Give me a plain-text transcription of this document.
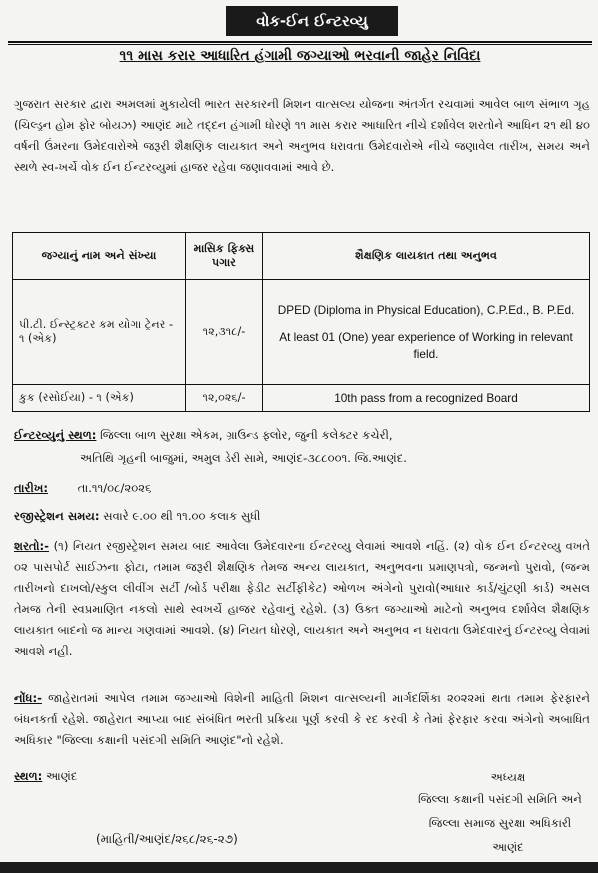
વોક-ઈન ઈન્ટરવ્યુ
૧૧ માસ કરાર આધારિત હંગામી જગ્યાઓ ભરવાની જાહેર નિવિદા
ગુજરાત સરકાર દ્વારા અમલમાં મુકાયેલી ભારત સરકારની મિશન વાત્સલ્ય યોજના અંતર્ગત રચવામાં આવેલ બાળ સંભાળ ગૃહ (ચિલ્ડ્રન હોમ ફોર બોયઝ) આણંદ માટે તદ્દન હંગામી ધોરણે ૧૧ માસ કરાર આધારિત નીચે દર્શાવેલ શરતોને આધિન ૨૧ થી ૪૦ વર્ષની ઉંમરના ઉમેદવારોએ જરૂરી શૈક્ષણિક લાયકાત અને અનુભવ ધરાવતા ઉમેદવારોએ નીચે જણાવેલ તારીખ, સમય અને સ્થળે સ્વ-ખર્ચે વોક ઈન ઈન્ટરવ્યુમાં હાજર રહેવા જણાવવામાં આવે છે.
જગ્યાનું નામ અને સંખ્યા	માસિક ફિક્સ પગાર	શૈક્ષણિક લાયકાત તથા અનુભવ
પી.ટી. ઈન્સ્ટ્રક્ટર કમ યોગા ટ્રેનર - ૧ (એક)	૧૨,૩૧૮/-	DPED (Diploma in Physical Education), C.P.Ed., B. P.Ed.
At least 01 (One) year experience of Working in relevant field.

કુક (રસોઈયા) - ૧ (એક)	૧૨,૦૨૬/-	10th pass from a recognized Board
ઈન્ટરવ્યુનું સ્થળ: જિલ્લા બાળ સુરક્ષા એકમ, ગ્રાઉન્ડ ફ્લોર, જુની કલેક્ટર કચેરી,
અતિથિ ગૃહની બાજુમાં, અમુલ ડેરી સામે, આણંદ-૩૮૮૦૦૧. જિ.આણંદ.
તારીખ:	તા.૧૧/૦૮/૨૦૨૬
રજીસ્ટ્રેશન સમય: સવારે ૯.૦૦ થી ૧૧.૦૦ કલાક સુધી
શરતો:- (૧) નિયત રજીસ્ટ્રેશન સમય બાદ આવેલા ઉમેદવારના ઈન્ટરવ્યુ લેવામાં આવશે નહિં. (૨) વોક ઈન ઈન્ટરવ્યુ વખતે ૦૨ પાસપોર્ટ સાઈઝના ફોટા, તમામ જરૂરી શૈક્ષણિક તેમજ અન્ય લાયકાત, અનુભવના પ્રમાણપત્રો, જન્મનો પુરાવો, (જન્મ તારીખનો દાખલો/સ્કુલ લીવીંગ સર્ટી /બોર્ડ પરીક્ષા ફેડીટ સર્ટીફીકેટ) ઓળખ અંગેનો પુરાવો(આધાર કાર્ડ/ચુંટણી કાર્ડ) અસલ તેમજ તેની સ્વપ્રમાણિત નકલો સાથે સ્વખર્ચે હાજર રહેવાનું રહેશે. (૩) ઉક્ત જગ્યાઓ માટેનો અનુભવ દર્શાવેલ શૈક્ષણિક લાયકાત બાદનો જ માન્ય ગણવામાં આવશે. (૪) નિયત ધોરણે, લાયકાત અને અનુભવ ન ધરાવતા ઉમેદવારનું ઈન્ટરવ્યુ લેવામાં આવશે નહી.
નોંધ:- જાહેરાતમાં આપેલ તમામ જગ્યાઓ વિશેની માહિતી મિશન વાત્સલ્યની માર્ગદર્શિકા ૨૦૨૨માં થતા તમામ ફેરફારને બંધનકર્તા રહેશે. જાહેરાત આપ્યા બાદ સંબંધિત ભરતી પ્રક્રિયા પૂર્ણ કરવી કે રદ કરવી કે તેમાં ફેરફાર કરવા અંગેનો અબાધિત અધિકાર "જિલ્લા કક્ષાની પસંદગી સમિતિ આણંદ"નો રહેશે.
સ્થળ: આણંદ	અધ્યક્ષ
જિલ્લા કક્ષાની પસંદગી સમિતિ અને
જિલ્લા સમાજ સુરક્ષા અધિકારી
આણંદ
(માહિતી/આણંદ/૨૬૮/૨૬-૨૭)
